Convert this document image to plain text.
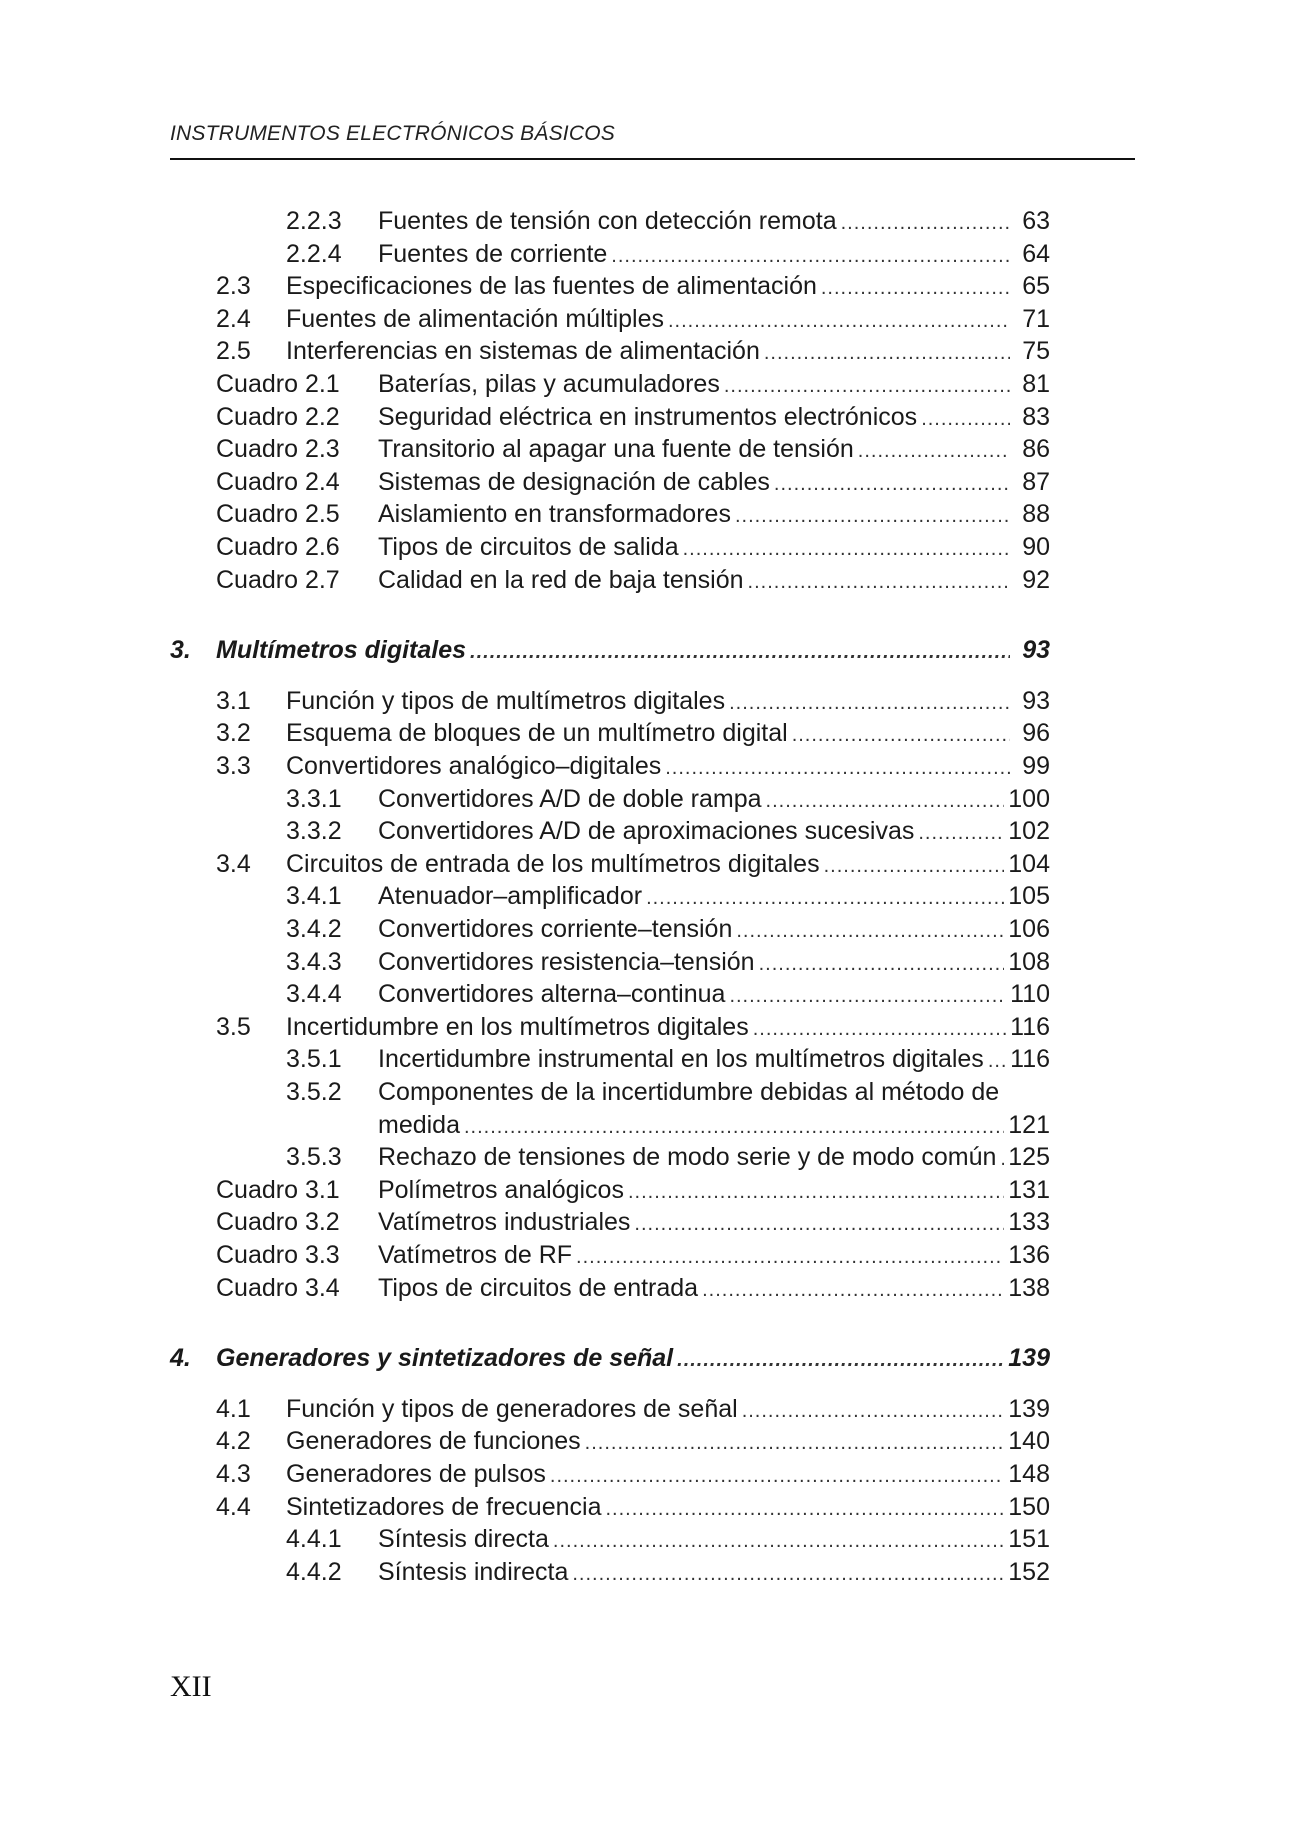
INSTRUMENTOS ELECTRÓNICOS BÁSICOS
2.2.3 Fuentes de tensión con detección remota .....	63
2.2.4 Fuentes de corriente .....	64
2.3 Especificaciones de las fuentes de alimentación .....	65
2.4 Fuentes de alimentación múltiples .....	71
2.5 Interferencias en sistemas de alimentación .....	75
Cuadro 2.1 Baterías, pilas y acumuladores .....	81
Cuadro 2.2 Seguridad eléctrica en instrumentos electrónicos .....	83
Cuadro 2.3 Transitorio al apagar una fuente de tensión .....	86
Cuadro 2.4 Sistemas de designación de cables .....	87
Cuadro 2.5 Aislamiento en transformadores .....	88
Cuadro 2.6 Tipos de circuitos de salida .....	90
Cuadro 2.7 Calidad en la red de baja tensión .....	92
3. Multímetros digitales .....	93
3.1 Función y tipos de multímetros digitales .....	93
3.2 Esquema de bloques de un multímetro digital .....	96
3.3 Convertidores analógico–digitales .....	99
3.3.1 Convertidores A/D de doble rampa .....	100
3.3.2 Convertidores A/D de aproximaciones sucesivas .....	102
3.4 Circuitos de entrada de los multímetros digitales .....	104
3.4.1 Atenuador–amplificador .....	105
3.4.2 Convertidores corriente–tensión .....	106
3.4.3 Convertidores resistencia–tensión .....	108
3.4.4 Convertidores alterna–continua .....	110
3.5 Incertidumbre en los multímetros digitales .....	116
3.5.1 Incertidumbre instrumental en los multímetros digitales ..... 116
3.5.2 Componentes de la incertidumbre debidas al método de
medida .....	121
3.5.3 Rechazo de tensiones de modo serie y de modo común ..... 125
Cuadro 3.1 Polímetros analógicos .....	131
Cuadro 3.2 Vatímetros industriales .....	133
Cuadro 3.3 Vatímetros de RF .....	136
Cuadro 3.4 Tipos de circuitos de entrada .....	138
4. Generadores y sintetizadores de señal .....	139
4.1 Función y tipos de generadores de señal .....	139
4.2 Generadores de funciones .....	140
4.3 Generadores de pulsos .....	148
4.4 Sintetizadores de frecuencia .....	150
4.4.1 Síntesis directa .....	151
4.4.2 Síntesis indirecta .....	152
XII
